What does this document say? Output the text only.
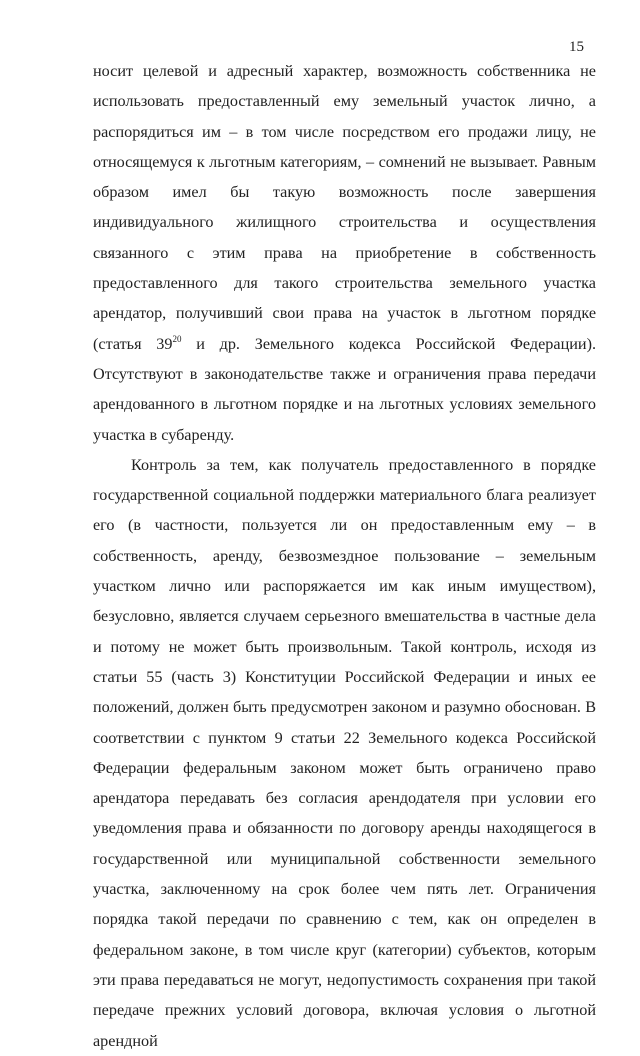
15

носит целевой и адресный характер, возможность собственника не использовать предоставленный ему земельный участок лично, а распорядиться им – в том числе посредством его продажи лицу, не относящемуся к льготным категориям, – сомнений не вызывает. Равным образом имел бы такую возможность после завершения индивидуального жилищного строительства и осуществления связанного с этим права на приобретение в собственность предоставленного для такого строительства земельного участка арендатор, получивший свои права на участок в льготном порядке (статья $39^{20}$ и др. Земельного кодекса Российской Федерации). Отсутствуют в законодательстве также и ограничения права передачи арендованного в льготном порядке и на льготных условиях земельного участка в субаренду.

Контроль за тем, как получатель предоставленного в порядке государственной социальной поддержки материального блага реализует его (в частности, пользуется ли он предоставленным ему – в собственность, аренду, безвозмездное пользование – земельным участком лично или распоряжается им как иным имуществом), безусловно, является случаем серьезного вмешательства в частные дела и потому не может быть произвольным. Такой контроль, исходя из статьи 55 (часть 3) Конституции Российской Федерации и иных ее положений, должен быть предусмотрен законом и разумно обоснован. В соответствии с пунктом 9 статьи 22 Земельного кодекса Российской Федерации федеральным законом может быть ограничено право арендатора передавать без согласия арендодателя при условии его уведомления права и обязанности по договору аренды находящегося в государственной или муниципальной собственности земельного участка, заключенному на срок более чем пять лет. Ограничения порядка такой передачи по сравнению с тем, как он определен в федеральном законе, в том числе круг (категории) субъектов, которым эти права передаваться не могут, недопустимость сохранения при такой передаче прежних условий договора, включая условия о льготной арендной
